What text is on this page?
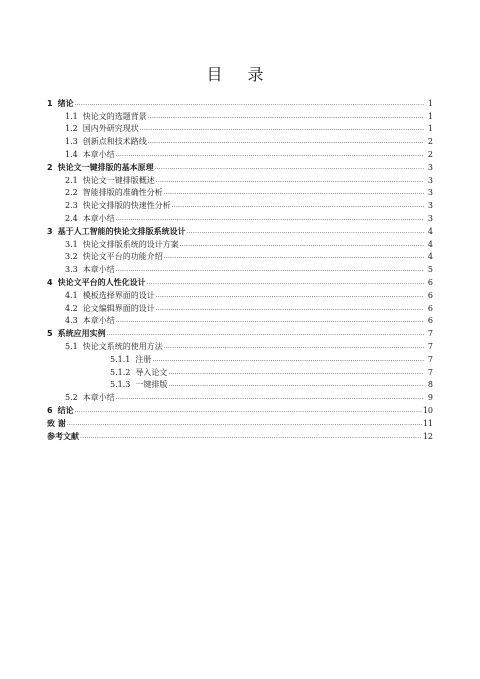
目 录
1 绪论 .....	1
1.1 快论文的选题背景 .....	1
1.2 国内外研究现状 .....	1
1.3 创新点和技术路线 .....	2
1.4 本章小结 .....	2
2 快论文一键排版的基本原理 .....	3
2.1 快论文一键排版概述 .....	3
2.2 智能排版的准确性分析 .....	3
2.3 快论文排版的快速性分析 .....	3
2.4 本章小结 .....	3
3 基于人工智能的快论文排版系统设计 .....	4
3.1 快论文排版系统的设计方案 .....	4
3.2 快论文平台的功能介绍 .....	4
3.3 本章小结 .....	5
4 快论文平台的人性化设计 .....	6
4.1 模板选择界面的设计 .....	6
4.2 论文编辑界面的设计 .....	6
4.3 本章小结 .....	6
5 系统应用实例 .....	7
5.1 快论文系统的使用方法 .....	7
5.1.1 注册 .....	7
5.1.2 导入论文 .....	7
5.1.3 一键排版 .....	8
5.2 本章小结 .....	9
6 结论 .....	10
致 谢 .....	11
参考文献 .....	12
